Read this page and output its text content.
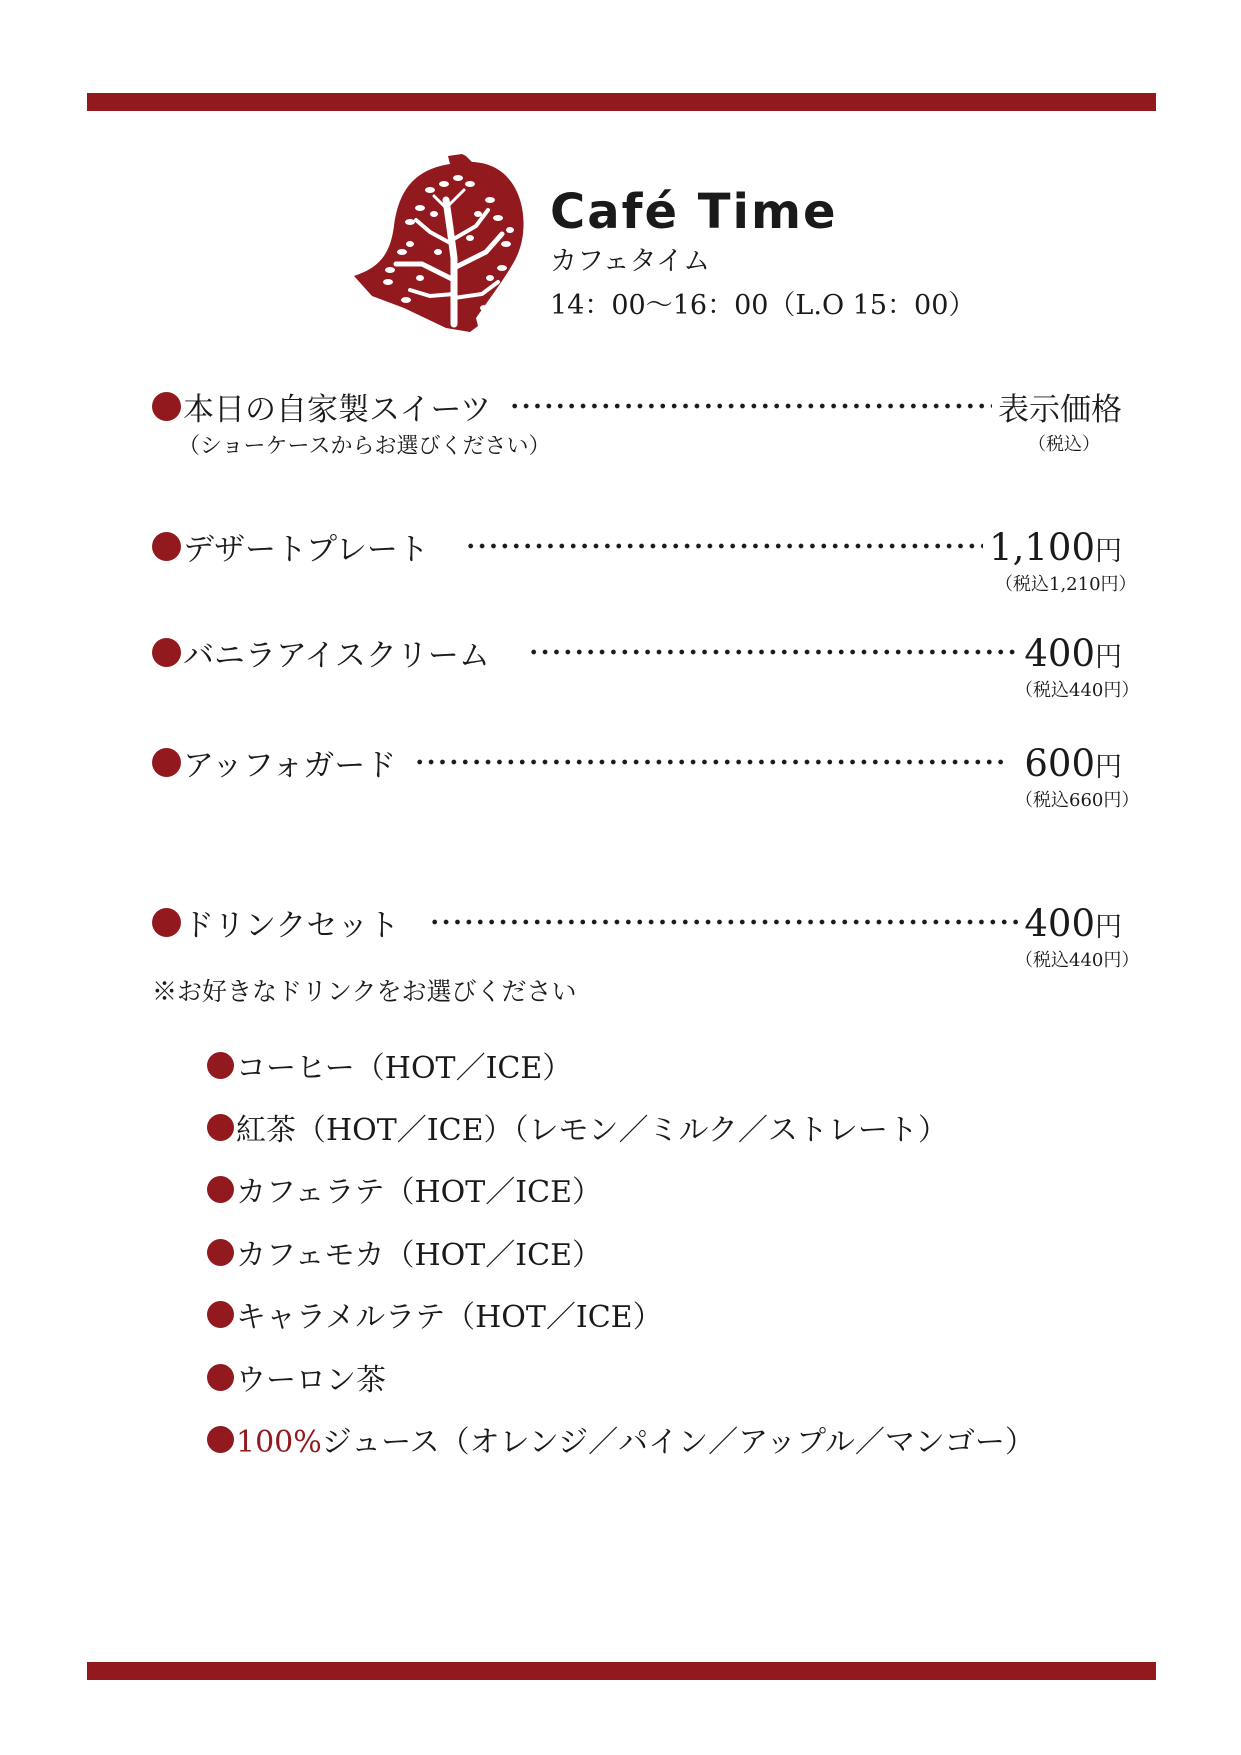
Café Time
カフェタイム
14：00〜16：00（L.O 15：00）
本日の自家製スイーツ	表示価格
（ショーケースからお選びください）	（税込）
デザートプレート	1,100円
（税込1,210円）
バニラアイスクリーム	400円
（税込440円）
アッフォガード	600円
（税込660円）
ドリンクセット	400円
（税込440円）
※お好きなドリンクをお選びください
コーヒー（HOT／ICE）
紅茶（HOT／ICE）（レモン／ミルク／ストレート）
カフェラテ（HOT／ICE）
カフェモカ（HOT／ICE）
キャラメルラテ（HOT／ICE）
ウーロン茶
100%ジュース（オレンジ／パイン／アップル／マンゴー）
